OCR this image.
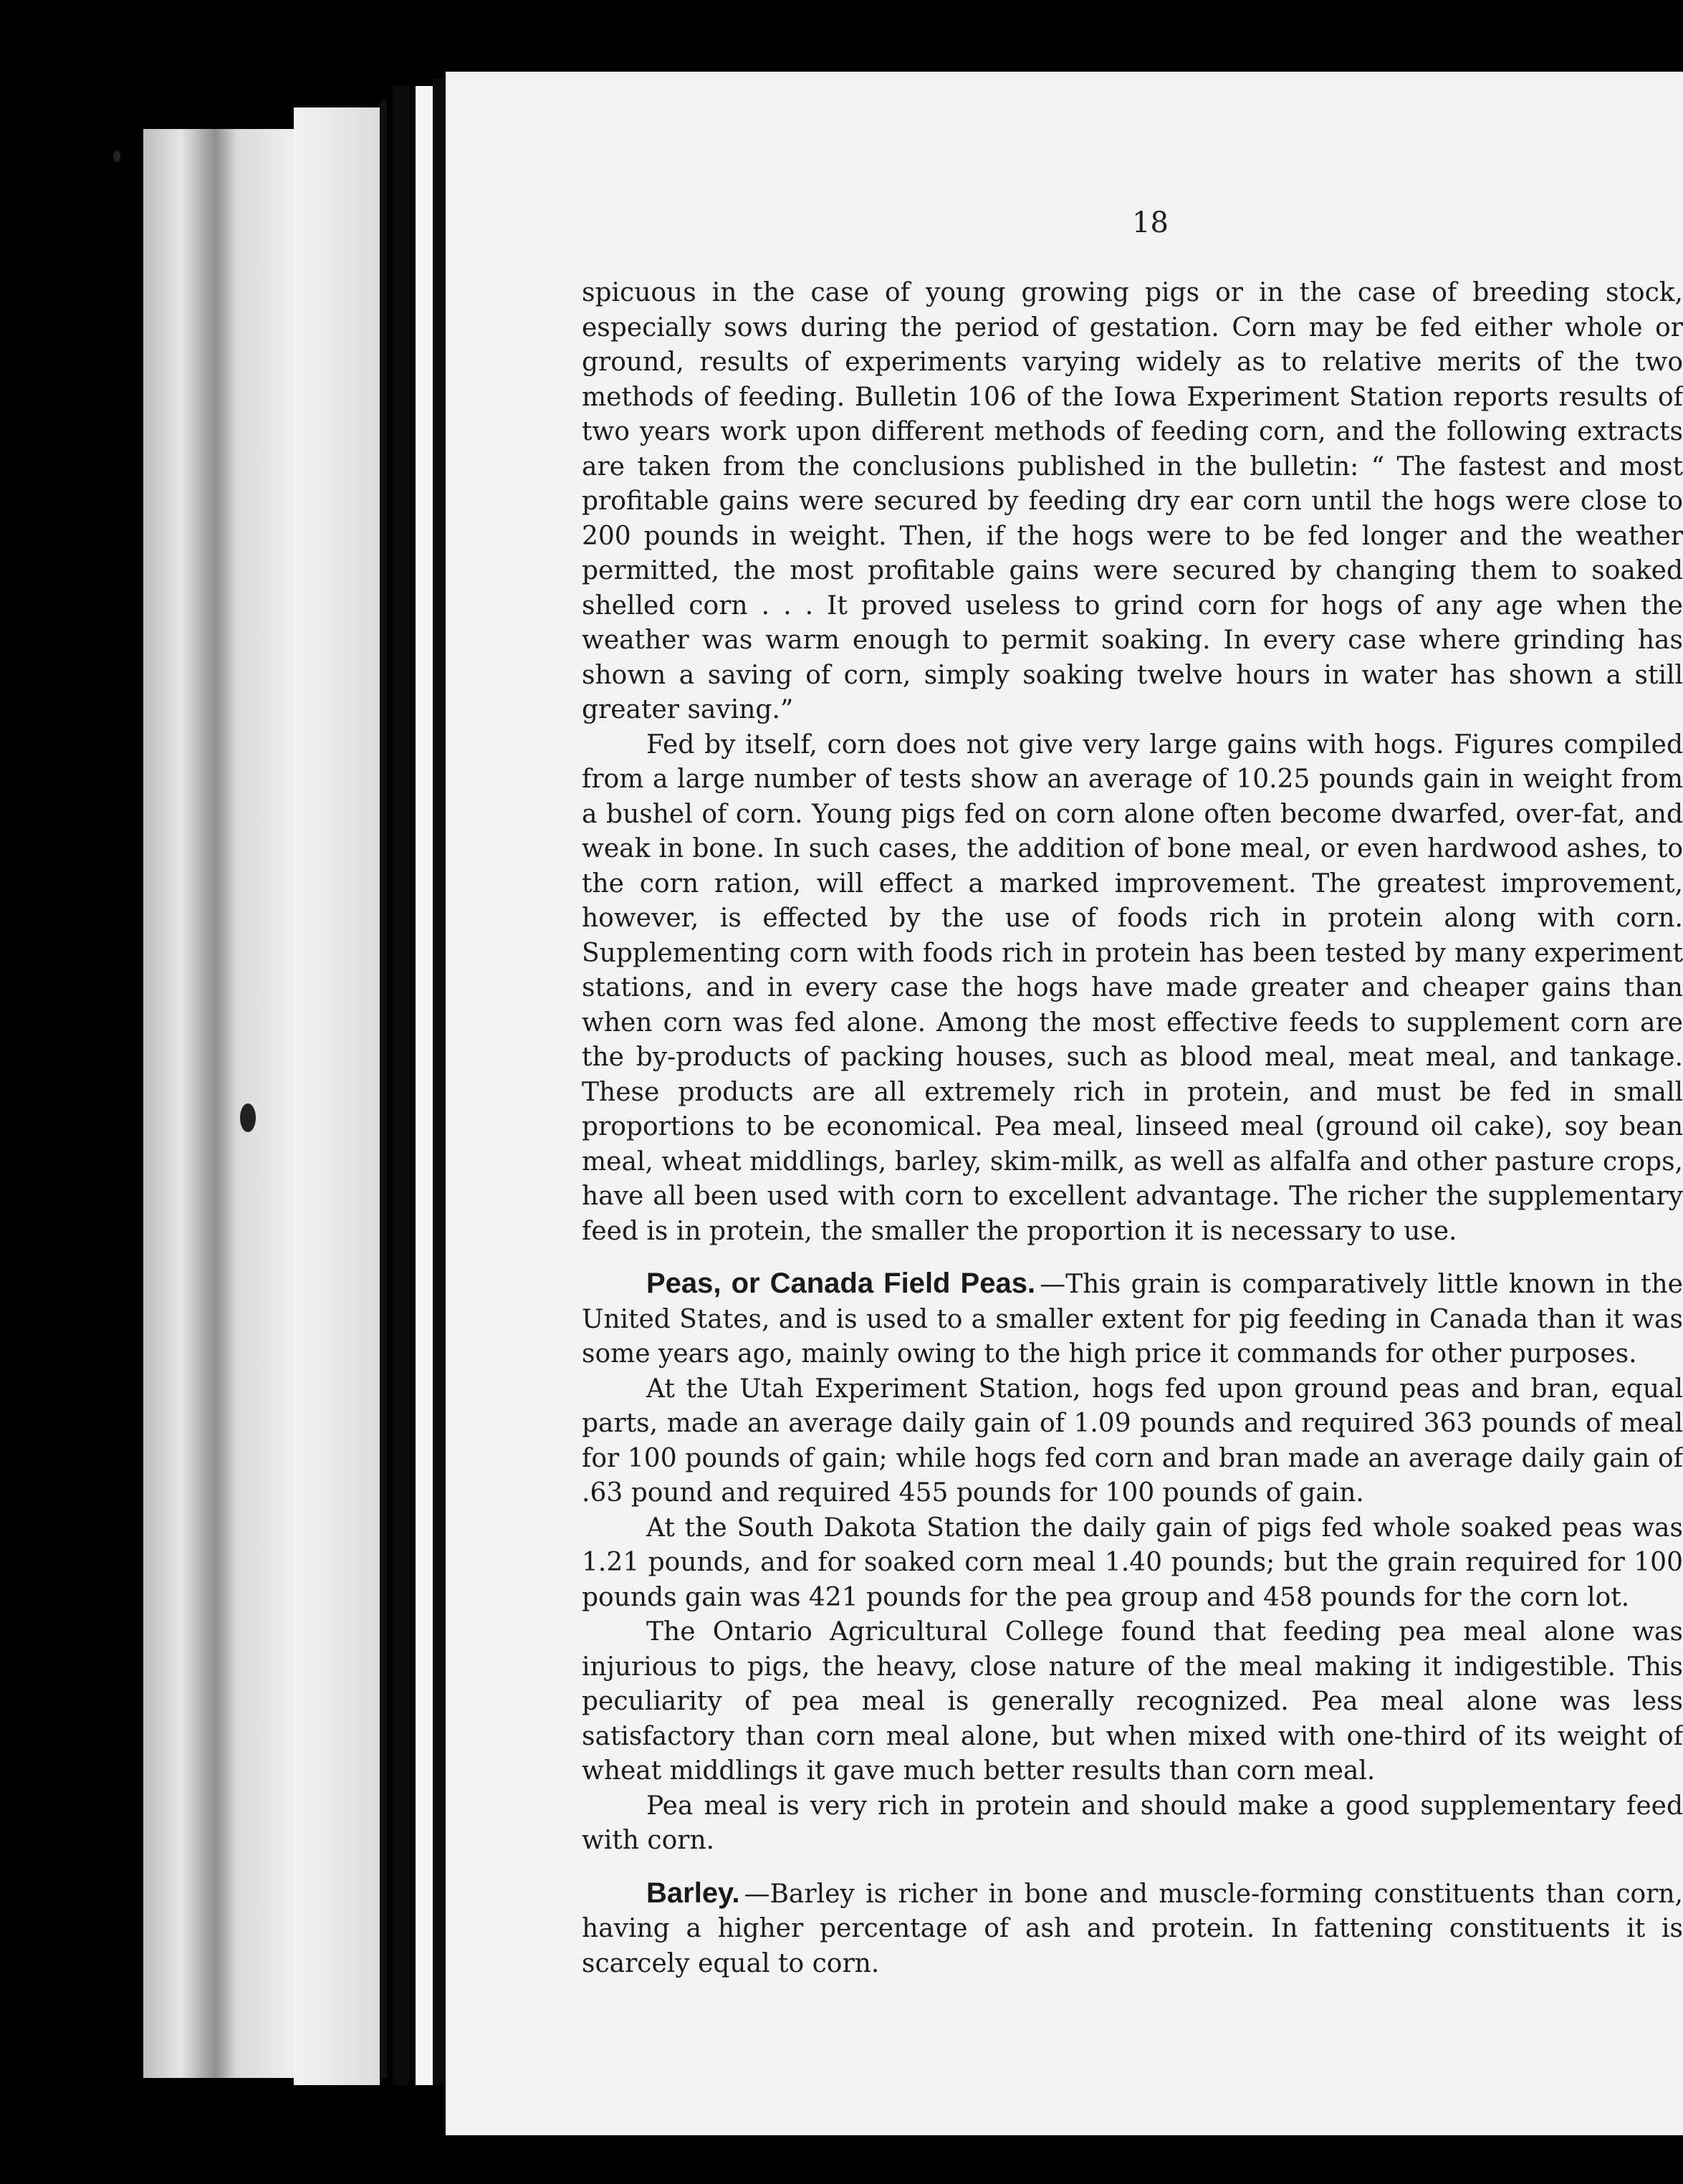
18

spicuous in the case of young growing pigs or in the case of breeding stock, especially sows during the period of gestation. Corn may be fed either whole or ground, results of experiments varying widely as to relative merits of the two methods of feeding. Bulletin 106 of the Iowa Experiment Station reports results of two years work upon different methods of feeding corn, and the following extracts are taken from the conclusions published in the bulletin: “ The fastest and most profitable gains were secured by feeding dry ear corn until the hogs were close to 200 pounds in weight. Then, if the hogs were to be fed longer and the weather permitted, the most profitable gains were secured by changing them to soaked shelled corn . . . It proved useless to grind corn for hogs of any age when the weather was warm enough to permit soaking. In every case where grinding has shown a saving of corn, simply soaking twelve hours in water has shown a still greater saving.”

Fed by itself, corn does not give very large gains with hogs. Figures compiled from a large number of tests show an average of 10.25 pounds gain in weight from a bushel of corn. Young pigs fed on corn alone often become dwarfed, over-fat, and weak in bone. In such cases, the addition of bone meal, or even hardwood ashes, to the corn ration, will effect a marked improvement. The greatest improvement, however, is effected by the use of foods rich in protein along with corn. Supplementing corn with foods rich in protein has been tested by many experiment stations, and in every case the hogs have made greater and cheaper gains than when corn was fed alone. Among the most effective feeds to supplement corn are the by-products of packing houses, such as blood meal, meat meal, and tankage. These products are all extremely rich in protein, and must be fed in small proportions to be economical. Pea meal, linseed meal (ground oil cake), soy bean meal, wheat middlings, barley, skim-milk, as well as alfalfa and other pasture crops, have all been used with corn to excellent advantage. The richer the supplementary feed is in protein, the smaller the proportion it is necessary to use.

Peas, or Canada Field Peas. —This grain is comparatively little known in the United States, and is used to a smaller extent for pig feeding in Canada than it was some years ago, mainly owing to the high price it commands for other purposes.

At the Utah Experiment Station, hogs fed upon ground peas and bran, equal parts, made an average daily gain of 1.09 pounds and required 363 pounds of meal for 100 pounds of gain; while hogs fed corn and bran made an average daily gain of .63 pound and required 455 pounds for 100 pounds of gain.

At the South Dakota Station the daily gain of pigs fed whole soaked peas was 1.21 pounds, and for soaked corn meal 1.40 pounds; but the grain required for 100 pounds gain was 421 pounds for the pea group and 458 pounds for the corn lot.

The Ontario Agricultural College found that feeding pea meal alone was injurious to pigs, the heavy, close nature of the meal making it indigestible. This peculiarity of pea meal is generally recognized. Pea meal alone was less satisfactory than corn meal alone, but when mixed with one-third of its weight of wheat middlings it gave much better results than corn meal.

Pea meal is very rich in protein and should make a good supplementary feed with corn.

Barley. —Barley is richer in bone and muscle-forming constituents than corn, having a higher percentage of ash and protein. In fattening constituents it is scarcely equal to corn.
